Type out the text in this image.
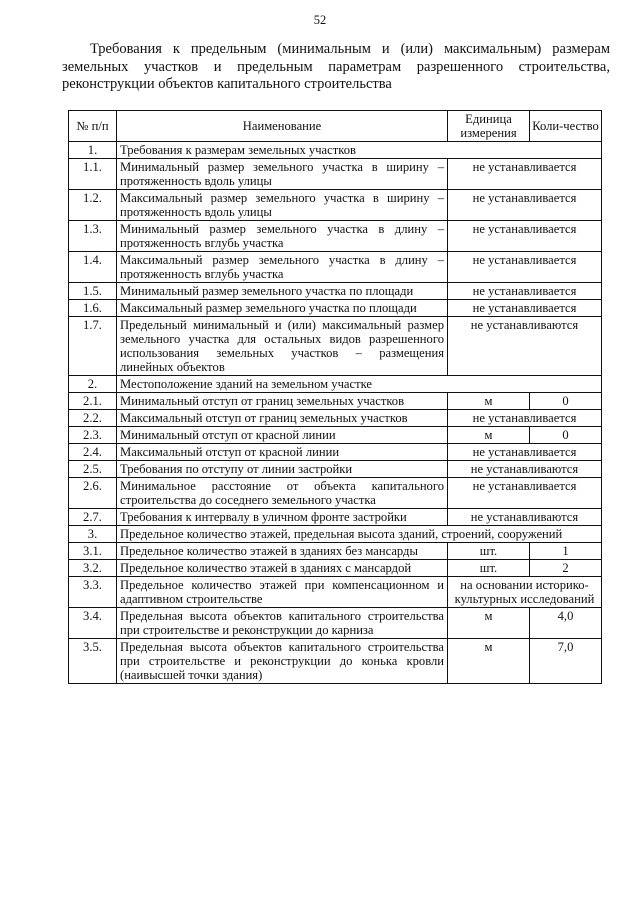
52
Требования к предельным (минимальным и (или) максимальным) размерам земельных участков и предельным параметрам разрешенного строительства, реконструкции объектов капитального строительства
№ п/п	Наименование	Единица измерения	Коли-чество
1.	Требования к размерам земельных участков		
1.1.	Минимальный размер земельного участка в ширину – протяженность вдоль улицы	не устанавливается	
1.2.	Максимальный размер земельного участка в ширину – протяженность вдоль улицы	не устанавливается	
1.3.	Минимальный размер земельного участка в длину – протяженность вглубь участка	не устанавливается	
1.4.	Максимальный размер земельного участка в длину – протяженность вглубь участка	не устанавливается	
1.5.	Минимальный размер земельного участка по площади	не устанавливается	
1.6.	Максимальный размер земельного участка по площади	не устанавливается	
1.7.	Предельный минимальный и (или) максимальный размер земельного участка для остальных видов разрешенного использования земельных участков – размещения линейных объектов	не устанавливаются	
2.	Местоположение зданий на земельном участке		
2.1.	Минимальный отступ от границ земельных участков	м	0
2.2.	Максимальный отступ от границ земельных участков	не устанавливается	
2.3.	Минимальный отступ от красной линии	м	0
2.4.	Максимальный отступ от красной линии	не устанавливается	
2.5.	Требования по отступу от линии застройки	не устанавливаются	
2.6.	Минимальное расстояние от объекта капитального строительства до соседнего земельного участка	не устанавливается	
2.7.	Требования к интервалу в уличном фронте застройки	не устанавливаются	
3.	Предельное количество этажей, предельная высота зданий, строений, сооружений		
3.1.	Предельное количество этажей в зданиях без мансарды	шт.	1
3.2.	Предельное количество этажей в зданиях с мансардой	шт.	2
3.3.	Предельное количество этажей при компенсационном и адаптивном строительстве	на основании историко-культурных исследований	
3.4.	Предельная высота объектов капитального строительства при строительстве и реконструкции до карниза	м	4,0
3.5.	Предельная высота объектов капитального строительства при строительстве и реконструкции до конька кровли (наивысшей точки здания)	м	7,0
